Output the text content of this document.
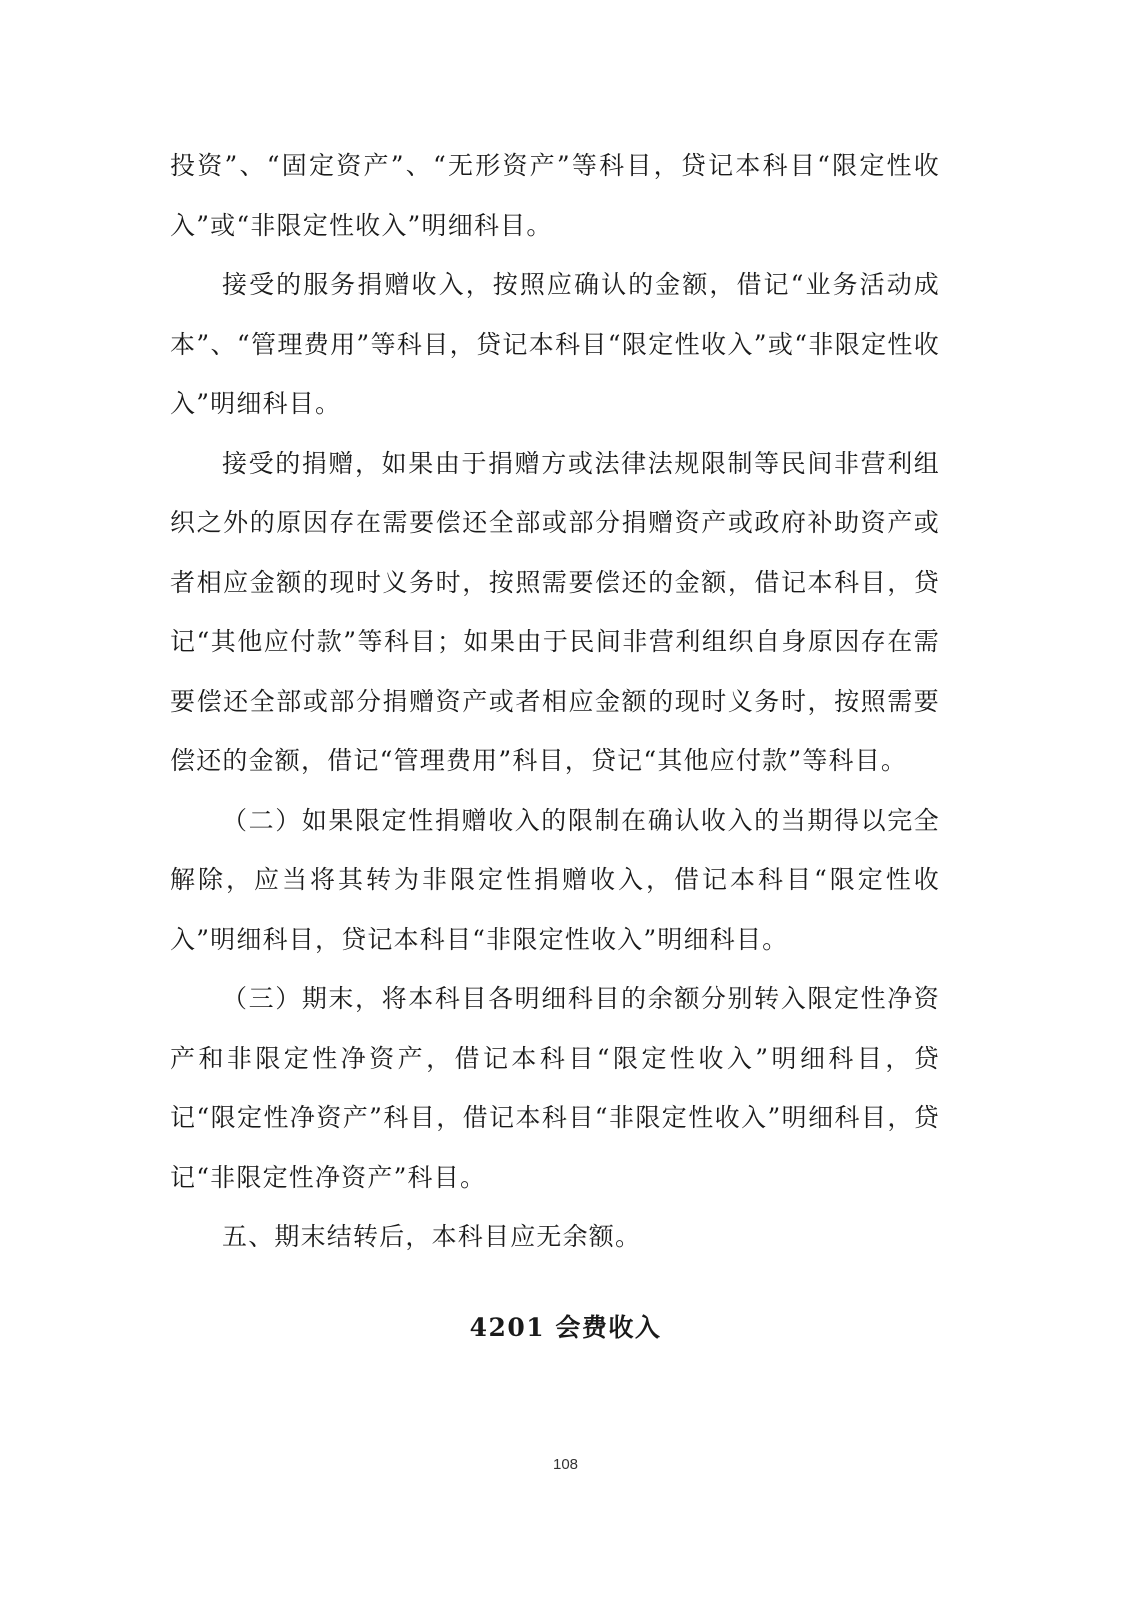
投资”、“固定资产”、“无形资产”等科目，贷记本科目“限定性收入”或“非限定性收入”明细科目。

接受的服务捐赠收入，按照应确认的金额，借记“业务活动成本”、“管理费用”等科目，贷记本科目“限定性收入”或“非限定性收入”明细科目。

接受的捐赠，如果由于捐赠方或法律法规限制等民间非营利组织之外的原因存在需要偿还全部或部分捐赠资产或政府补助资产或者相应金额的现时义务时，按照需要偿还的金额，借记本科目，贷记“其他应付款”等科目；如果由于民间非营利组织自身原因存在需要偿还全部或部分捐赠资产或者相应金额的现时义务时，按照需要偿还的金额，借记“管理费用”科目，贷记“其他应付款”等科目。

（二）如果限定性捐赠收入的限制在确认收入的当期得以完全解除，应当将其转为非限定性捐赠收入，借记本科目“限定性收入”明细科目，贷记本科目“非限定性收入”明细科目。

（三）期末，将本科目各明细科目的余额分别转入限定性净资产和非限定性净资产，借记本科目“限定性收入”明细科目，贷记“限定性净资产”科目，借记本科目“非限定性收入”明细科目，贷记“非限定性净资产”科目。

五、期末结转后，本科目应无余额。

4201 会费收入
108
